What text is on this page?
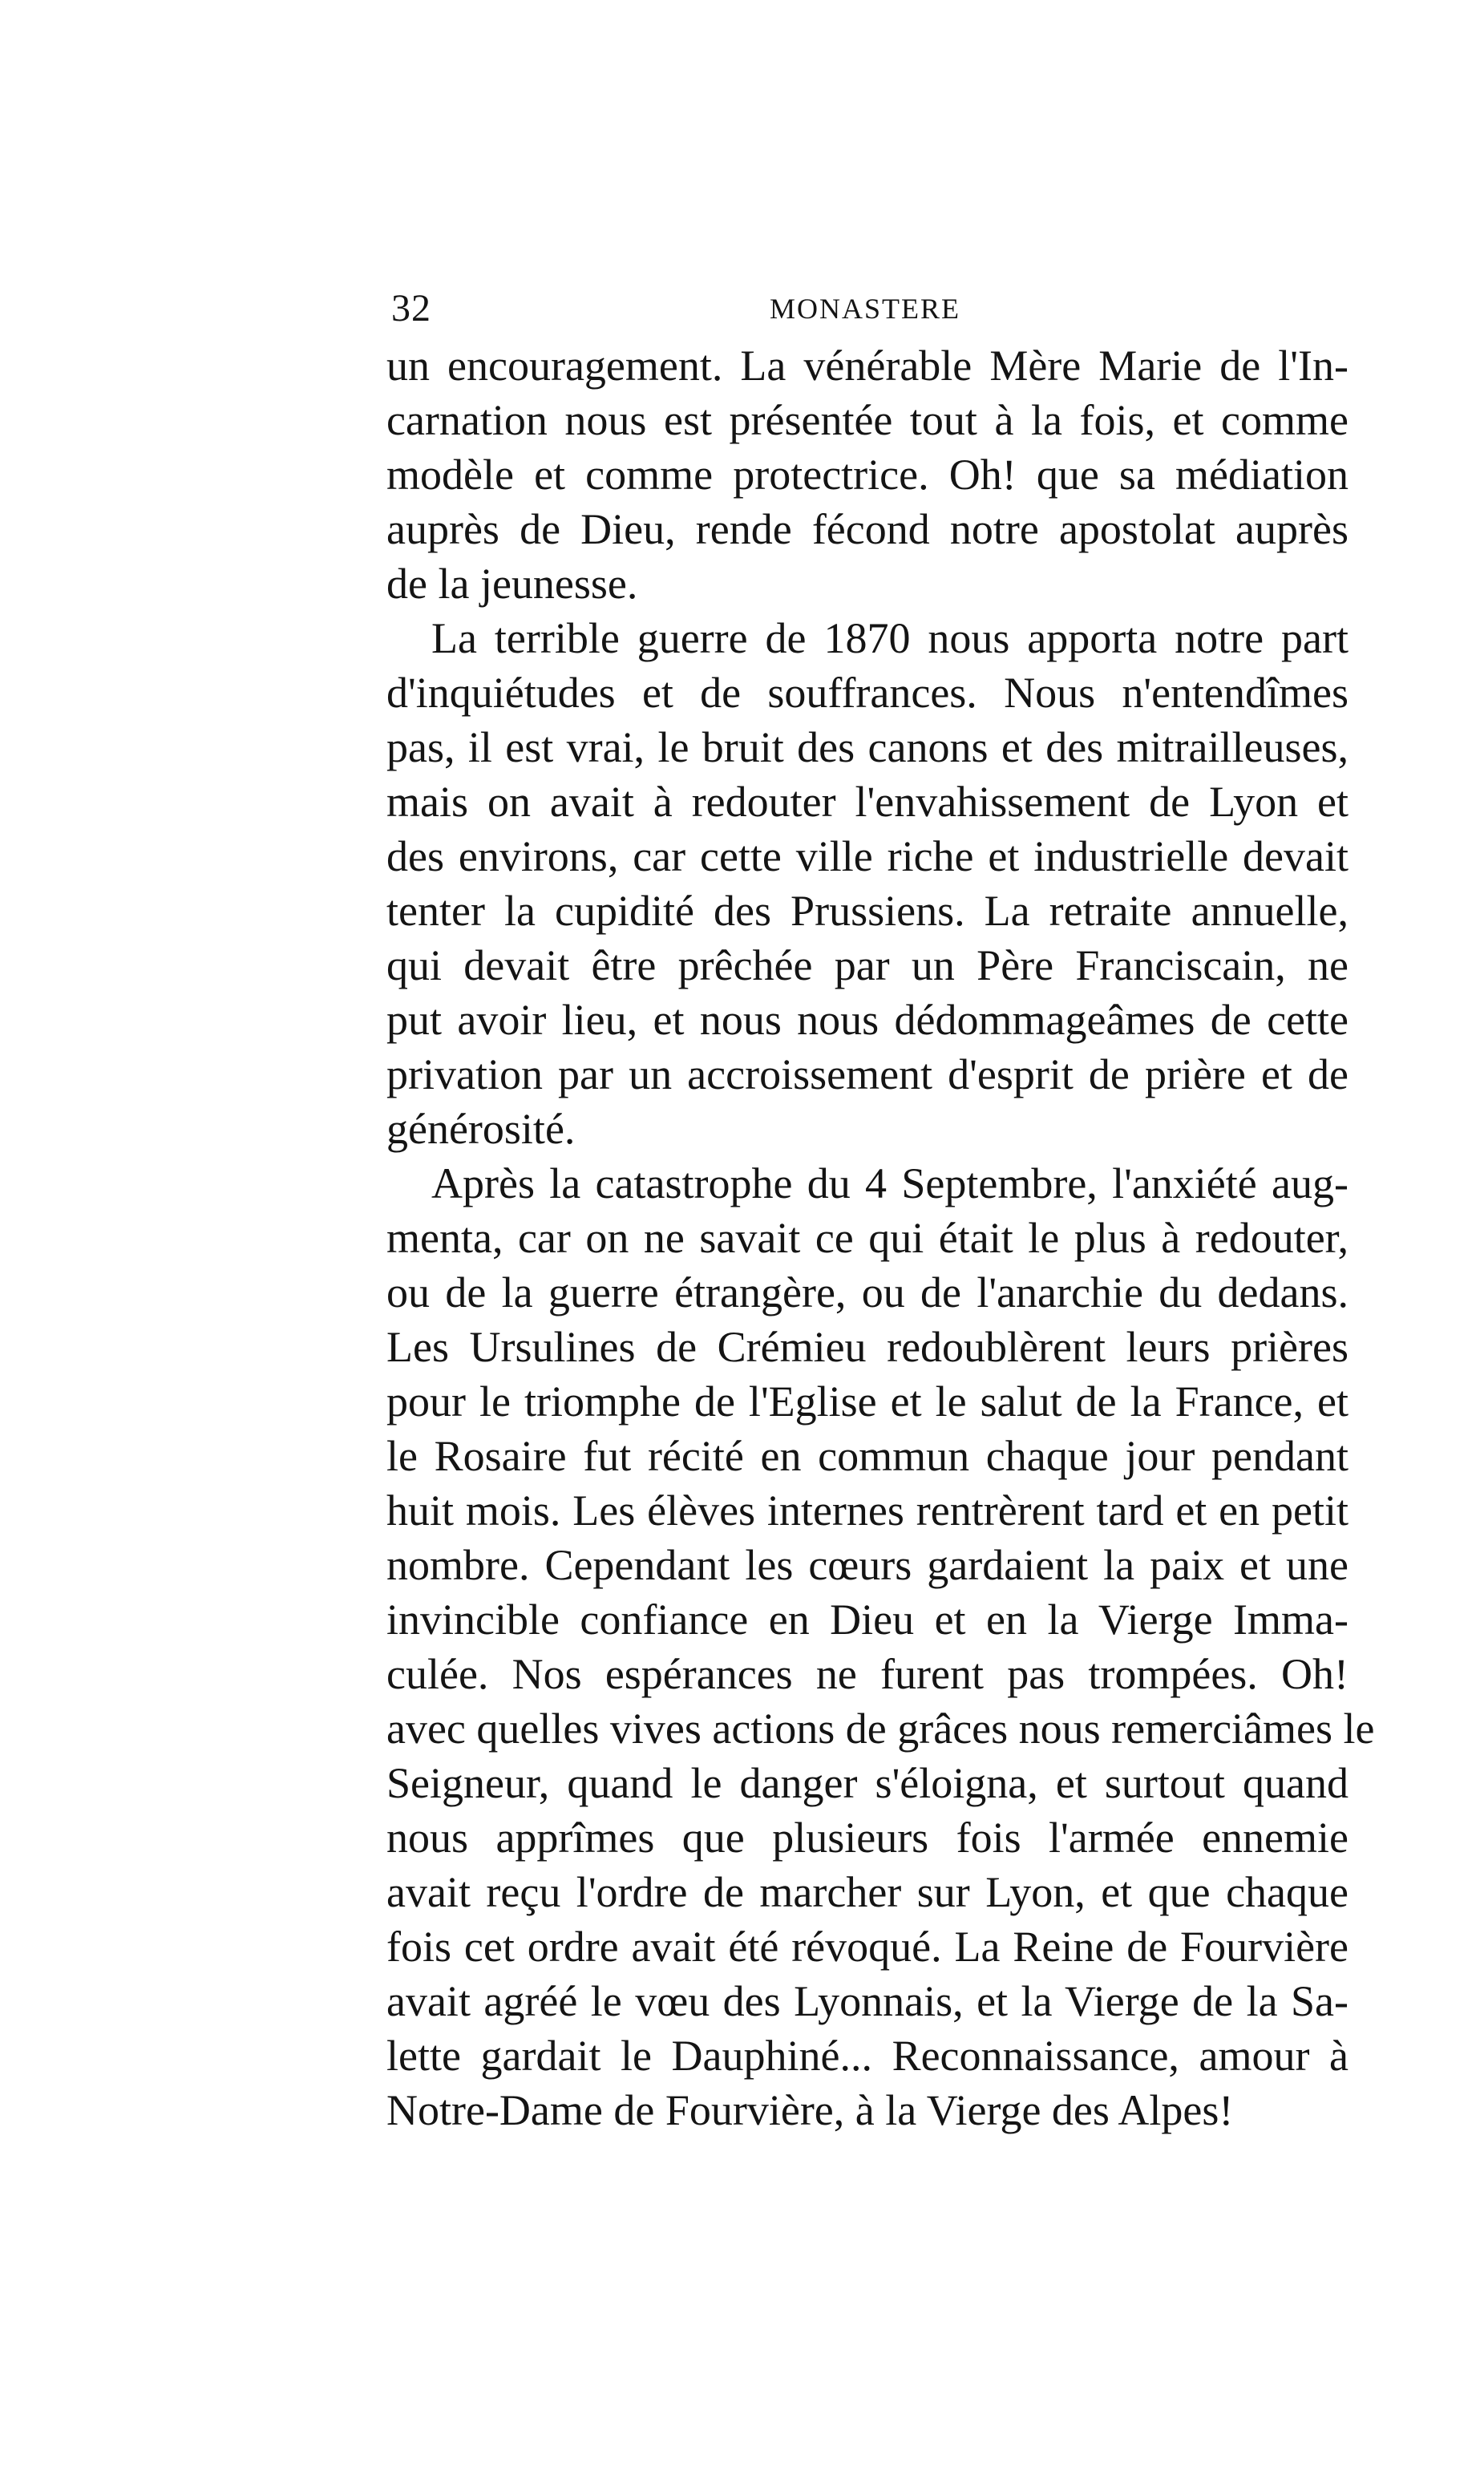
32	MONASTERE
un encouragement. La vénérable Mère Marie de l'In-
carnation nous est présentée tout à la fois, et comme
modèle et comme protectrice. Oh! que sa médiation
auprès de Dieu, rende fécond notre apostolat auprès
de la jeunesse.
La terrible guerre de 1870 nous apporta notre part
d'inquiétudes et de souffrances. Nous n'entendîmes
pas, il est vrai, le bruit des canons et des mitrailleuses,
mais on avait à redouter l'envahissement de Lyon et
des environs, car cette ville riche et industrielle devait
tenter la cupidité des Prussiens. La retraite annuelle,
qui devait être prêchée par un Père Franciscain, ne
put avoir lieu, et nous nous dédommageâmes de cette
privation par un accroissement d'esprit de prière et de
générosité.
Après la catastrophe du 4 Septembre, l'anxiété aug-
menta, car on ne savait ce qui était le plus à redouter,
ou de la guerre étrangère, ou de l'anarchie du dedans.
Les Ursulines de Crémieu redoublèrent leurs prières
pour le triomphe de l'Eglise et le salut de la France, et
le Rosaire fut récité en commun chaque jour pendant
huit mois. Les élèves internes rentrèrent tard et en petit
nombre. Cependant les cœurs gardaient la paix et une
invincible confiance en Dieu et en la Vierge Imma-
culée. Nos espérances ne furent pas trompées. Oh!
avec quelles vives actions de grâces nous remerciâmes le
Seigneur, quand le danger s'éloigna, et surtout quand
nous apprîmes que plusieurs fois l'armée ennemie
avait reçu l'ordre de marcher sur Lyon, et que chaque
fois cet ordre avait été révoqué. La Reine de Fourvière
avait agréé le vœu des Lyonnais, et la Vierge de la Sa-
lette gardait le Dauphiné... Reconnaissance, amour à
Notre-Dame de Fourvière, à la Vierge des Alpes!
